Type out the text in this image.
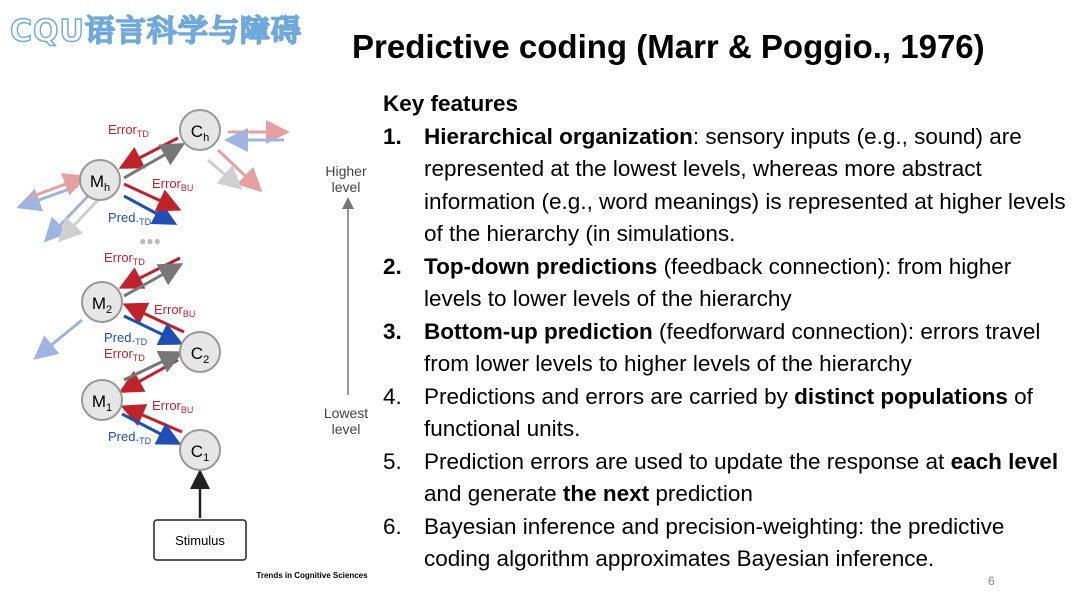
CQU语言科学与障碍 Predictive coding (Marr & Poggio., 1976)
Key features
1. Hierarchical organization: sensory inputs (e.g., sound) are represented at the lowest levels, whereas more abstract information (e.g., word meanings) is represented at higher levels of the hierarchy (in simulations.
2. Top-down predictions (feedback connection): from higher levels to lower levels of the hierarchy
3. Bottom-up prediction (feedforward connection): errors travel from lower levels to higher levels of the hierarchy
4. Predictions and errors are carried by distinct populations of functional units.
5. Prediction errors are used to update the response at each level and generate the next prediction
6. Bayesian inference and precision-weighting: the predictive coding algorithm approximates Bayesian inference.
6
$C_h$
$M_h$
$M_2$
$C_2$
$M_1$
$C_1$
Error$_{TD}$
Error$_{BU}$
$Pred._{TD}$
●●●
Error$_{TD}$
Error$_{BU}$
$Pred._{TD}$
Error$_{TD}$
Error$_{BU}$
$Pred._{TD}$
Higher level
Lowest level
Stimulus
Trends in Cognitive Sciences
